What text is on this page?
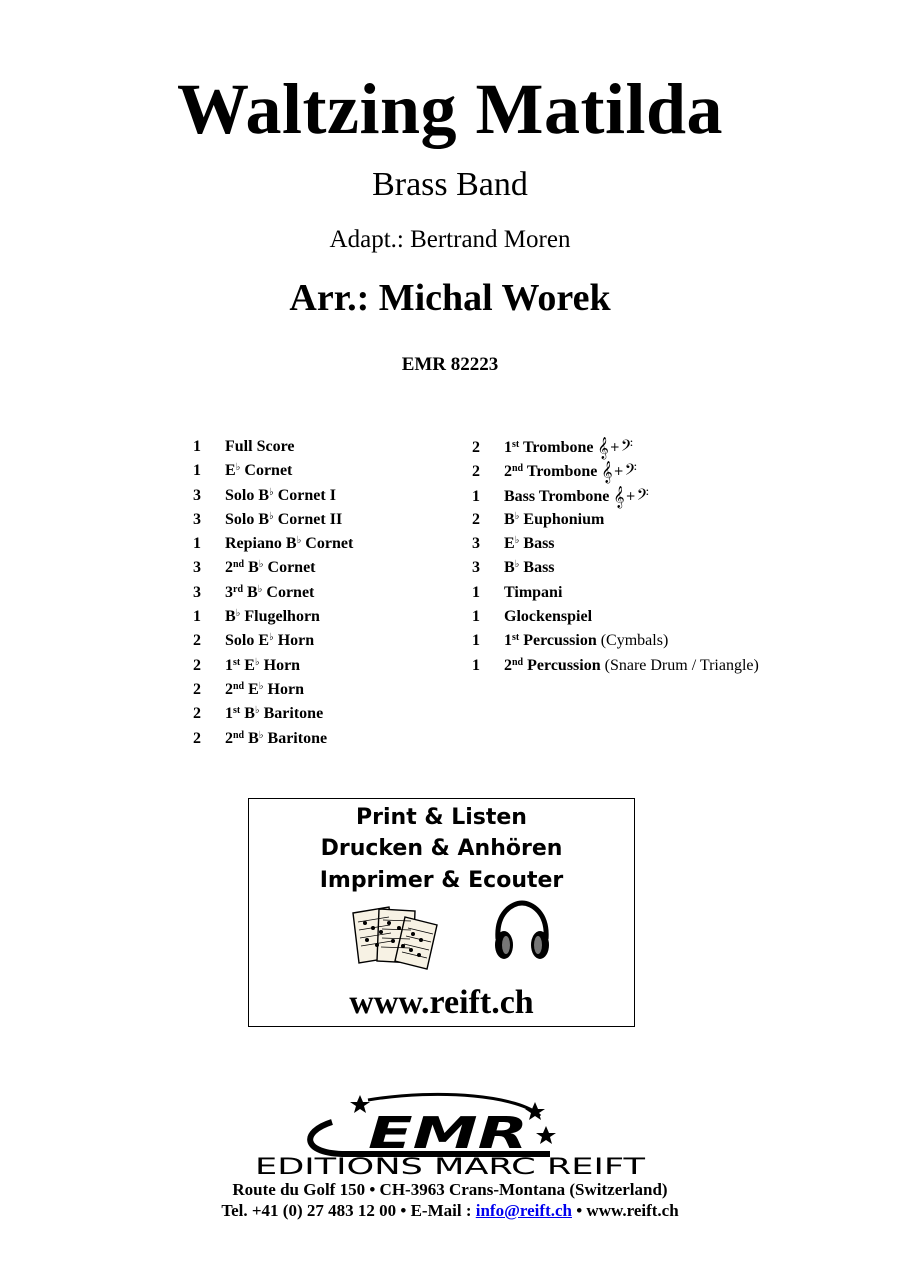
Waltzing Matilda
Brass Band
Adapt.: Bertrand Moren
Arr.: Michal Worek
EMR 82223
1 Full Score
1 E♭ Cornet
3 Solo B♭ Cornet I
3 Solo B♭ Cornet II
1 Repiano B♭ Cornet
3 2nd B♭ Cornet
3 3rd B♭ Cornet
1 B♭ Flugelhorn
2 Solo E♭ Horn
2 1st E♭ Horn
2 2nd E♭ Horn
2 1st B♭ Baritone
2 2nd B♭ Baritone
2 1st Trombone 𝄞+𝄢
2 2nd Trombone 𝄞+𝄢
1 Bass Trombone 𝄞+𝄢
2 B♭ Euphonium
3 E♭ Bass
3 B♭ Bass
1 Timpani
1 Glockenspiel
1 1st Percussion (Cymbals)
1 2nd Percussion (Snare Drum / Triangle)
Print & Listen
Drucken & Anhören
Imprimer & Ecouter
www.reift.ch
EMR
EDITIONS MARC REIFT
Route du Golf 150 • CH-3963 Crans-Montana (Switzerland)
Tel. +41 (0) 27 483 12 00 • E-Mail : info@reift.ch • www.reift.ch
